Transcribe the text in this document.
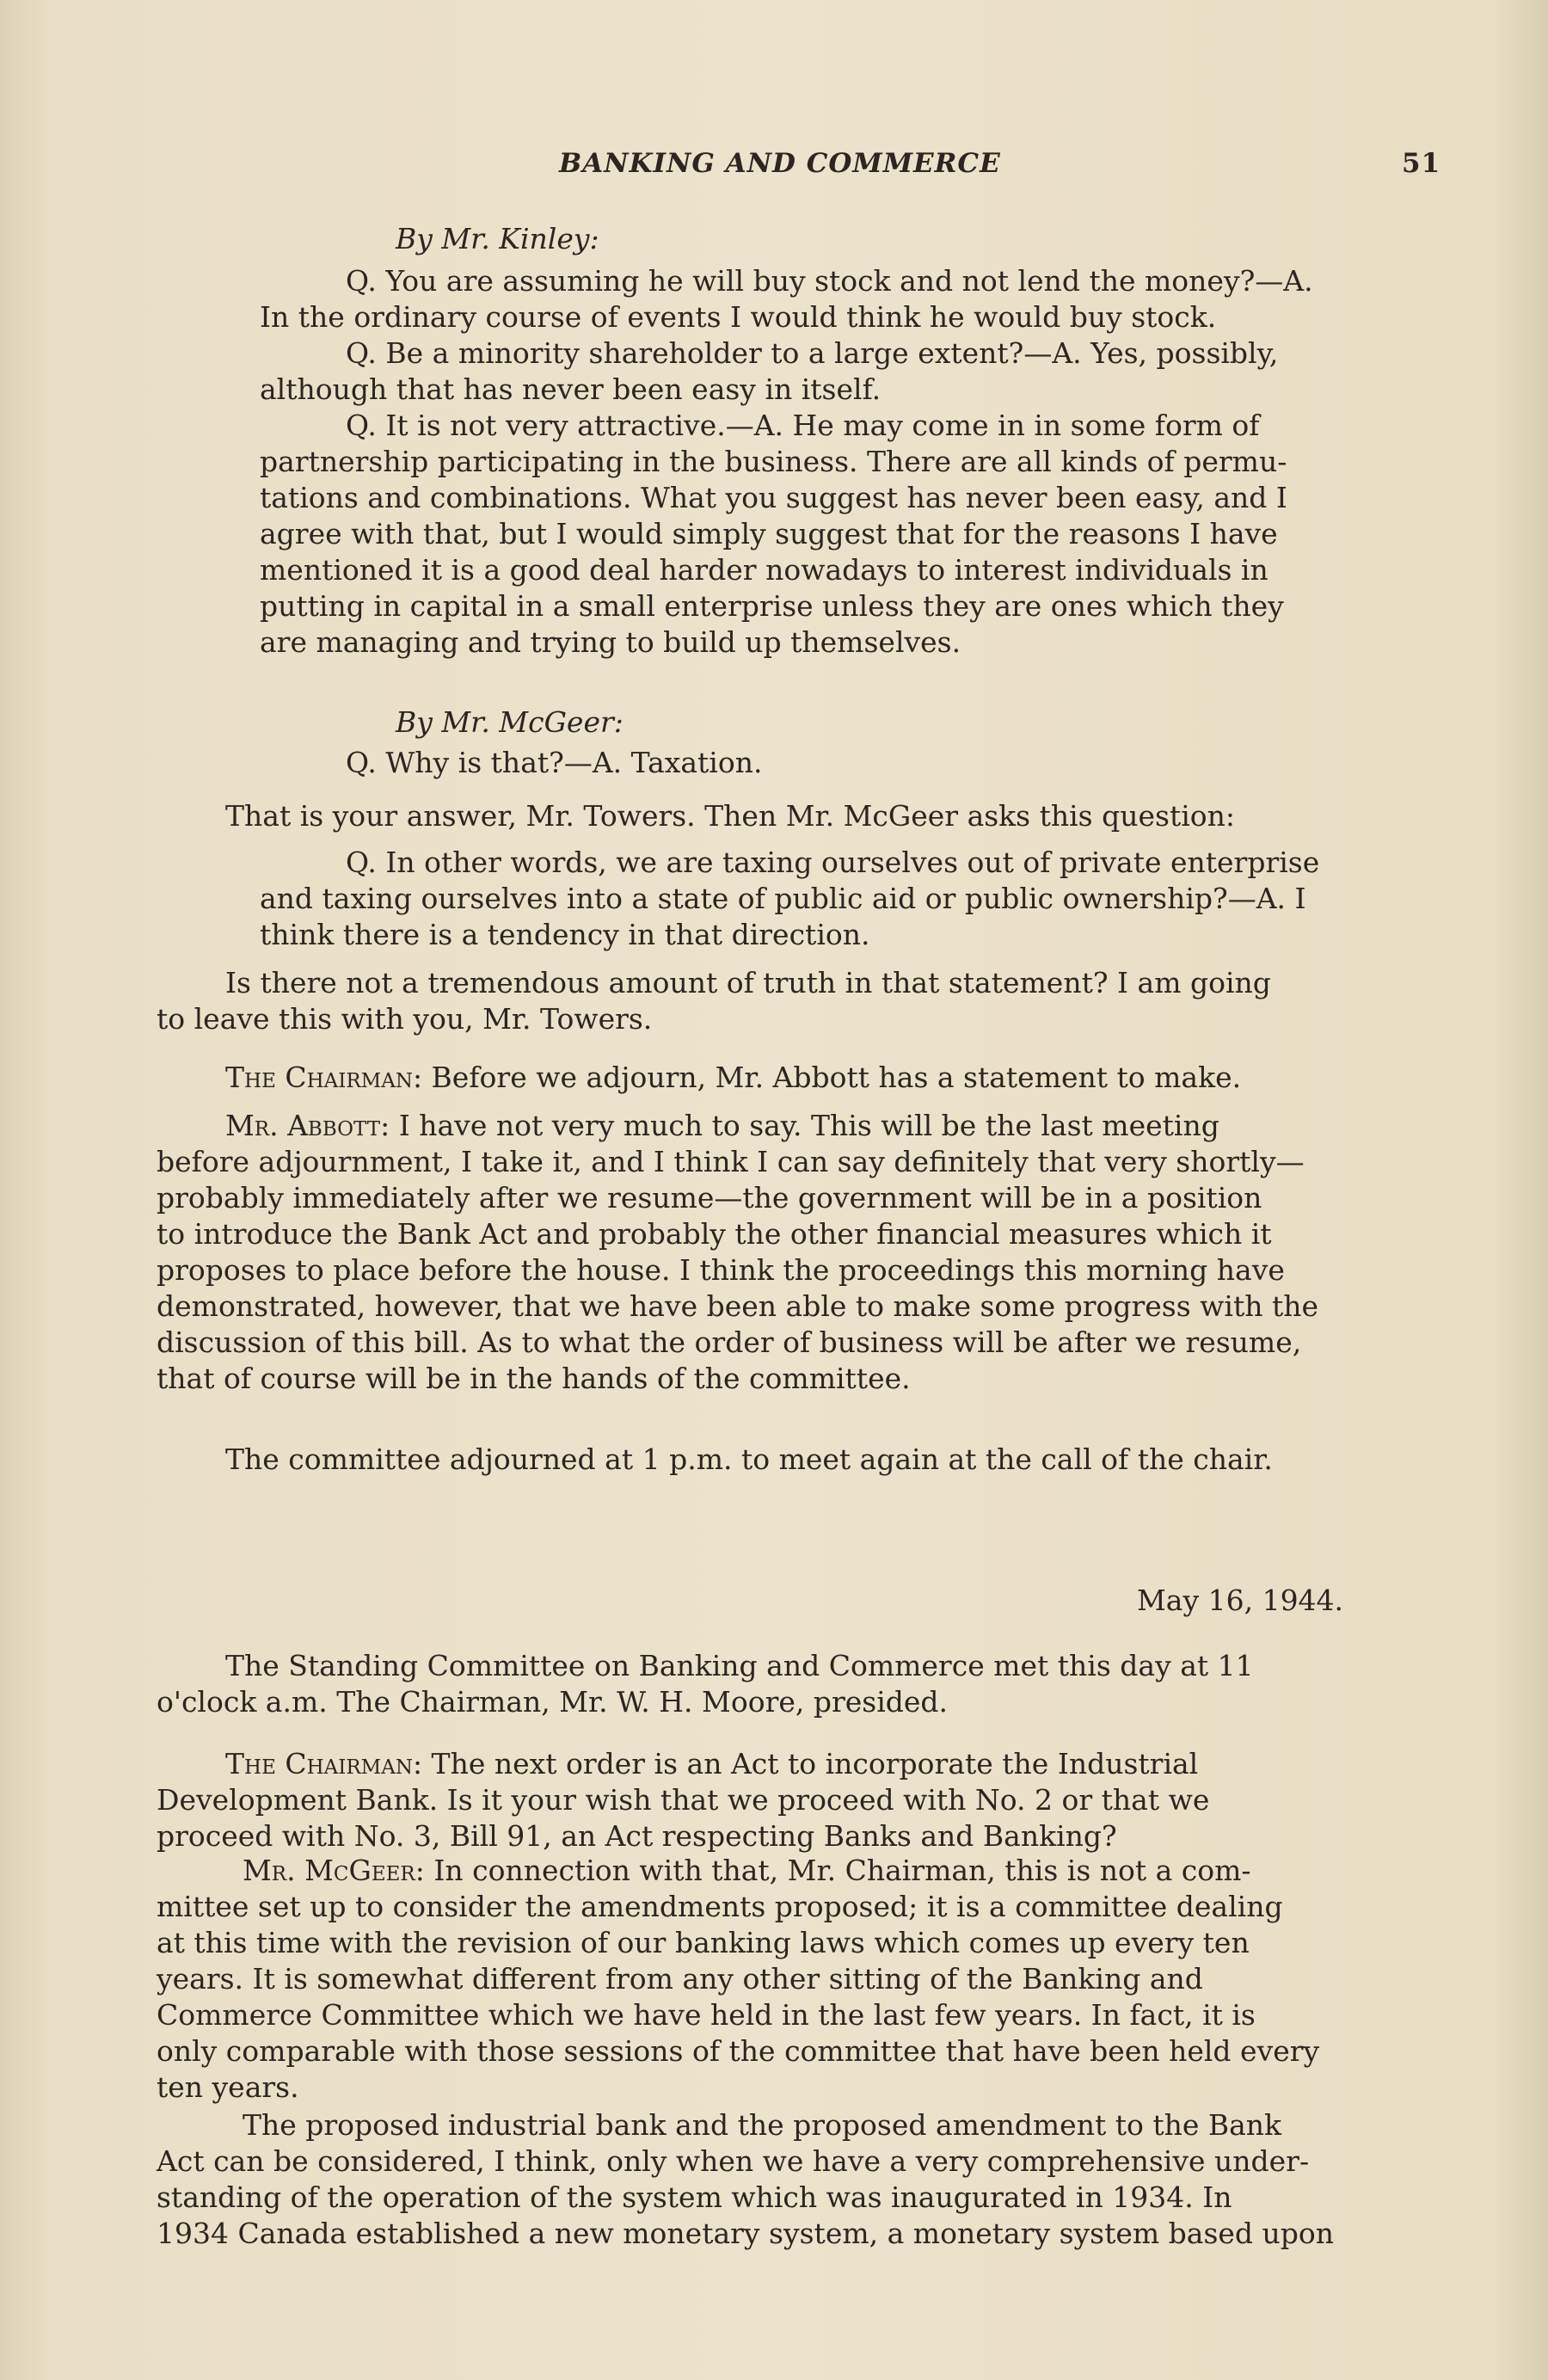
BANKING AND COMMERCE	51
By Mr. Kinley:
Q. You are assuming he will buy stock and not lend the money?—A.
In the ordinary course of events I would think he would buy stock.
Q. Be a minority shareholder to a large extent?—A. Yes, possibly,
although that has never been easy in itself.
Q. It is not very attractive.—A. He may come in in some form of
partnership participating in the business. There are all kinds of permu-
tations and combinations. What you suggest has never been easy, and I
agree with that, but I would simply suggest that for the reasons I have
mentioned it is a good deal harder nowadays to interest individuals in
putting in capital in a small enterprise unless they are ones which they
are managing and trying to build up themselves.
By Mr. McGeer:
Q. Why is that?—A. Taxation.
That is your answer, Mr. Towers. Then Mr. McGeer asks this question:
Q. In other words, we are taxing ourselves out of private enterprise
and taxing ourselves into a state of public aid or public ownership?—A. I
think there is a tendency in that direction.
Is there not a tremendous amount of truth in that statement? I am going
to leave this with you, Mr. Towers.
The Chairman: Before we adjourn, Mr. Abbott has a statement to make.
Mr. Abbott: I have not very much to say. This will be the last meeting
before adjournment, I take it, and I think I can say definitely that very shortly—
probably immediately after we resume—the government will be in a position
to introduce the Bank Act and probably the other financial measures which it
proposes to place before the house. I think the proceedings this morning have
demonstrated, however, that we have been able to make some progress with the
discussion of this bill. As to what the order of business will be after we resume,
that of course will be in the hands of the committee.
The committee adjourned at 1 p.m. to meet again at the call of the chair.
May 16, 1944.
The Standing Committee on Banking and Commerce met this day at 11
o'clock a.m. The Chairman, Mr. W. H. Moore, presided.
The Chairman: The next order is an Act to incorporate the Industrial
Development Bank. Is it your wish that we proceed with No. 2 or that we
proceed with No. 3, Bill 91, an Act respecting Banks and Banking?
Mr. McGeer: In connection with that, Mr. Chairman, this is not a com-
mittee set up to consider the amendments proposed; it is a committee dealing
at this time with the revision of our banking laws which comes up every ten
years. It is somewhat different from any other sitting of the Banking and
Commerce Committee which we have held in the last few years. In fact, it is
only comparable with those sessions of the committee that have been held every
ten years.
The proposed industrial bank and the proposed amendment to the Bank
Act can be considered, I think, only when we have a very comprehensive under-
standing of the operation of the system which was inaugurated in 1934. In
1934 Canada established a new monetary system, a monetary system based upon
